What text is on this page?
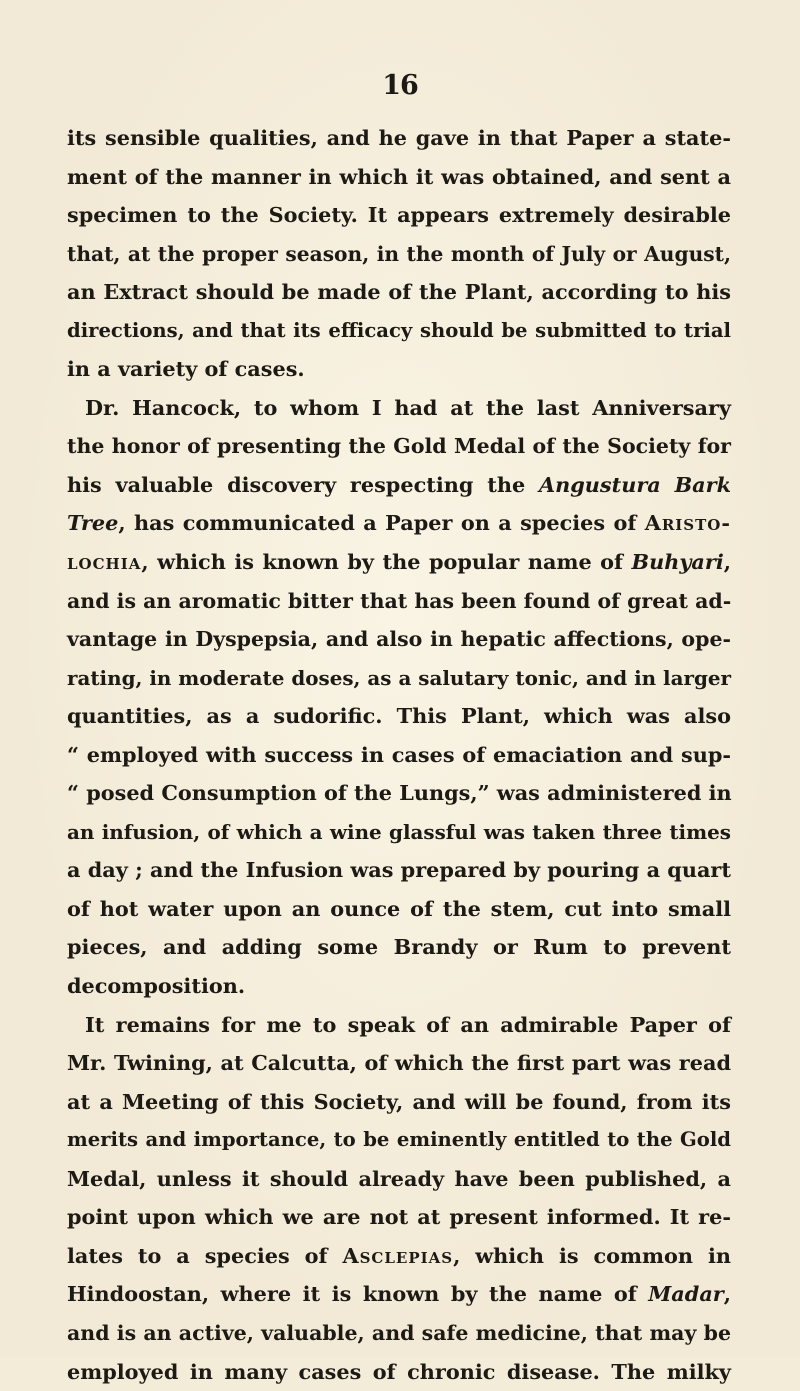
16
its sensible qualities, and he gave in that Paper a state-
ment of the manner in which it was obtained, and sent a
specimen to the Society. It appears extremely desirable
that, at the proper season, in the month of July or August,
an Extract should be made of the Plant, according to his
directions, and that its efficacy should be submitted to trial
in a variety of cases.
Dr. Hancock, to whom I had at the last Anniversary
the honor of presenting the Gold Medal of the Society for
his valuable discovery respecting the Angustura Bark
Tree, has communicated a Paper on a species of Aristo-
lochia, which is known by the popular name of Buhyari,
and is an aromatic bitter that has been found of great ad-
vantage in Dyspepsia, and also in hepatic affections, ope-
rating, in moderate doses, as a salutary tonic, and in larger
quantities, as a sudorific. This Plant, which was also
“ employed with success in cases of emaciation and sup-
“ posed Consumption of the Lungs,” was administered in
an infusion, of which a wine glassful was taken three times
a day ; and the Infusion was prepared by pouring a quart
of hot water upon an ounce of the stem, cut into small
pieces, and adding some Brandy or Rum to prevent
decomposition.
It remains for me to speak of an admirable Paper of
Mr. Twining, at Calcutta, of which the first part was read
at a Meeting of this Society, and will be found, from its
merits and importance, to be eminently entitled to the Gold
Medal, unless it should already have been published, a
point upon which we are not at present informed. It re-
lates to a species of Asclepias, which is common in
Hindoostan, where it is known by the name of Madar,
and is an active, valuable, and safe medicine, that may be
employed in many cases of chronic disease. The milky
